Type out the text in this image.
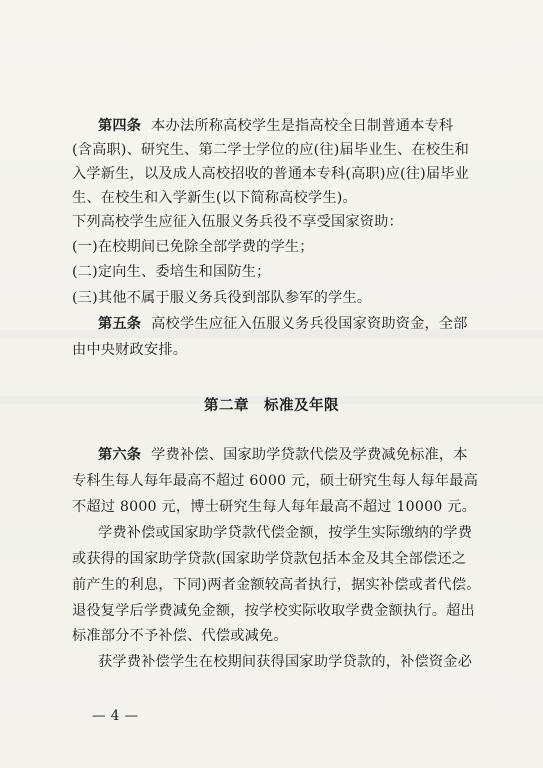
第四条 本办法所称高校学生是指高校全日制普通本专科
(含高职)、研究生、第二学士学位的应(往)届毕业生、在校生和
入学新生，以及成人高校招收的普通本专科(高职)应(往)届毕业
生、在校生和入学新生(以下简称高校学生)。
下列高校学生应征入伍服义务兵役不享受国家资助：
(一)在校期间已免除全部学费的学生；
(二)定向生、委培生和国防生；
(三)其他不属于服义务兵役到部队参军的学生。
第五条 高校学生应征入伍服义务兵役国家资助资金，全部
由中央财政安排。
第二章　标准及年限
第六条 学费补偿、国家助学贷款代偿及学费减免标准，本
专科生每人每年最高不超过 6000 元，硕士研究生每人每年最高
不超过 8000 元，博士研究生每人每年最高不超过 10000 元。
学费补偿或国家助学贷款代偿金额，按学生实际缴纳的学费
或获得的国家助学贷款(国家助学贷款包括本金及其全部偿还之
前产生的利息，下同)两者金额较高者执行，据实补偿或者代偿。
退役复学后学费减免金额，按学校实际收取学费金额执行。超出
标准部分不予补偿、代偿或减免。
获学费补偿学生在校期间获得国家助学贷款的，补偿资金必
— 4 —
